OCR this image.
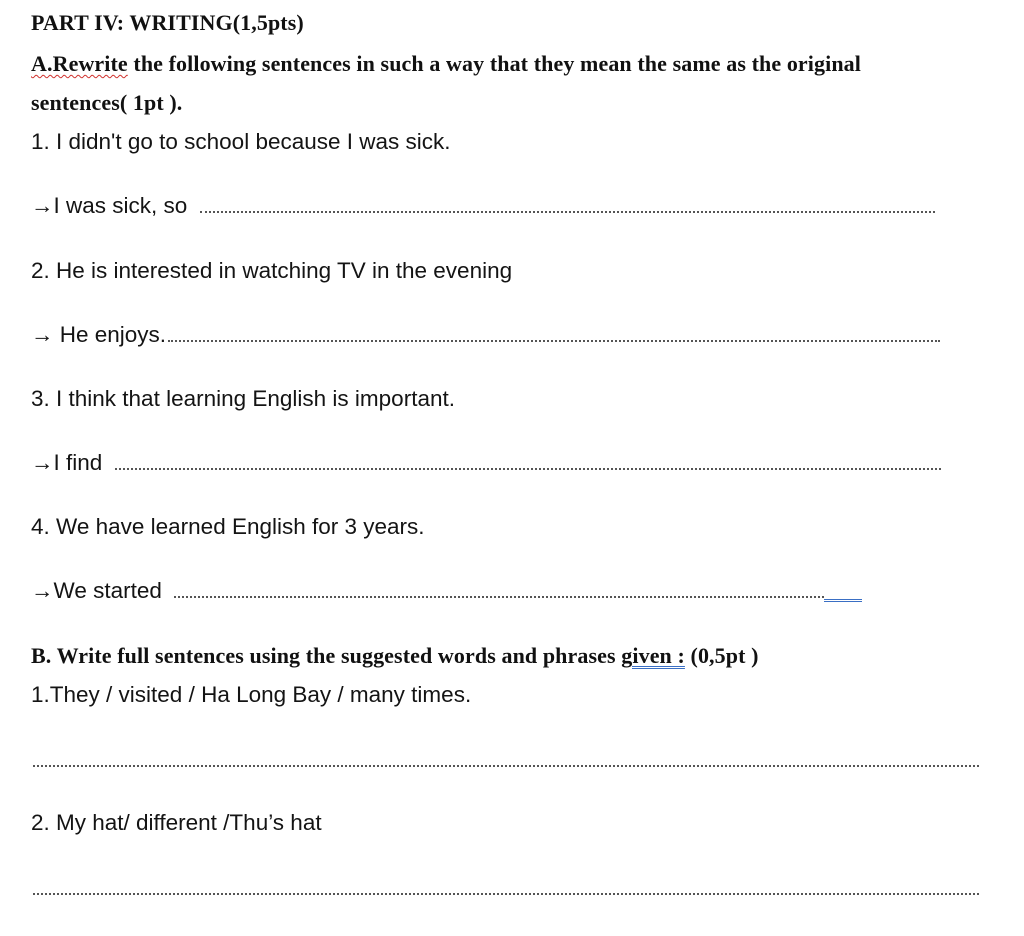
PART IV: WRITING(1,5pts)
A.Rewrite the following sentences in such a way that they mean the same as the original
sentences( 1pt ).
1. I didn't go to school because I was sick.
→I was sick, so
2. He is interested in watching TV in the evening
→ He enjoys.
3. I think that learning English is important.
→I find
4. We have learned English for 3 years.
→We started
B. Write full sentences using the suggested words and phrases given : (0,5pt )
1.They / visited / Ha Long Bay / many times.
2. My hat/ different /Thu’s hat
